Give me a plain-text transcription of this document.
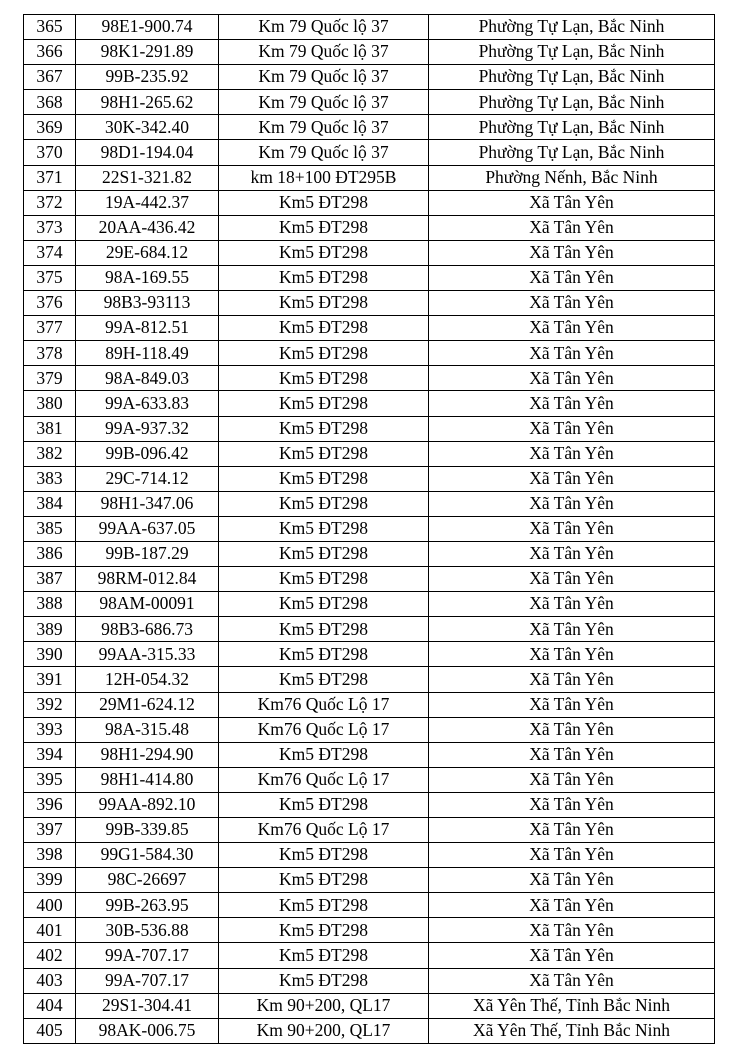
365	98E1-900.74	Km 79 Quốc lộ 37	Phường Tự Lạn, Bắc Ninh
366	98K1-291.89	Km 79 Quốc lộ 37	Phường Tự Lạn, Bắc Ninh
367	99B-235.92	Km 79 Quốc lộ 37	Phường Tự Lạn, Bắc Ninh
368	98H1-265.62	Km 79 Quốc lộ 37	Phường Tự Lạn, Bắc Ninh
369	30K-342.40	Km 79 Quốc lộ 37	Phường Tự Lạn, Bắc Ninh
370	98D1-194.04	Km 79 Quốc lộ 37	Phường Tự Lạn, Bắc Ninh
371	22S1-321.82	km 18+100 ĐT295B	Phường Nếnh, Bắc Ninh
372	19A-442.37	Km5 ĐT298	Xã Tân Yên
373	20AA-436.42	Km5 ĐT298	Xã Tân Yên
374	29E-684.12	Km5 ĐT298	Xã Tân Yên
375	98A-169.55	Km5 ĐT298	Xã Tân Yên
376	98B3-93113	Km5 ĐT298	Xã Tân Yên
377	99A-812.51	Km5 ĐT298	Xã Tân Yên
378	89H-118.49	Km5 ĐT298	Xã Tân Yên
379	98A-849.03	Km5 ĐT298	Xã Tân Yên
380	99A-633.83	Km5 ĐT298	Xã Tân Yên
381	99A-937.32	Km5 ĐT298	Xã Tân Yên
382	99B-096.42	Km5 ĐT298	Xã Tân Yên
383	29C-714.12	Km5 ĐT298	Xã Tân Yên
384	98H1-347.06	Km5 ĐT298	Xã Tân Yên
385	99AA-637.05	Km5 ĐT298	Xã Tân Yên
386	99B-187.29	Km5 ĐT298	Xã Tân Yên
387	98RM-012.84	Km5 ĐT298	Xã Tân Yên
388	98AM-00091	Km5 ĐT298	Xã Tân Yên
389	98B3-686.73	Km5 ĐT298	Xã Tân Yên
390	99AA-315.33	Km5 ĐT298	Xã Tân Yên
391	12H-054.32	Km5 ĐT298	Xã Tân Yên
392	29M1-624.12	Km76 Quốc Lộ 17	Xã Tân Yên
393	98A-315.48	Km76 Quốc Lộ 17	Xã Tân Yên
394	98H1-294.90	Km5 ĐT298	Xã Tân Yên
395	98H1-414.80	Km76 Quốc Lộ 17	Xã Tân Yên
396	99AA-892.10	Km5 ĐT298	Xã Tân Yên
397	99B-339.85	Km76 Quốc Lộ 17	Xã Tân Yên
398	99G1-584.30	Km5 ĐT298	Xã Tân Yên
399	98C-26697	Km5 ĐT298	Xã Tân Yên
400	99B-263.95	Km5 ĐT298	Xã Tân Yên
401	30B-536.88	Km5 ĐT298	Xã Tân Yên
402	99A-707.17	Km5 ĐT298	Xã Tân Yên
403	99A-707.17	Km5 ĐT298	Xã Tân Yên
404	29S1-304.41	Km 90+200, QL17	Xã Yên Thế, Tỉnh Bắc Ninh
405	98AK-006.75	Km 90+200, QL17	Xã Yên Thế, Tỉnh Bắc Ninh
